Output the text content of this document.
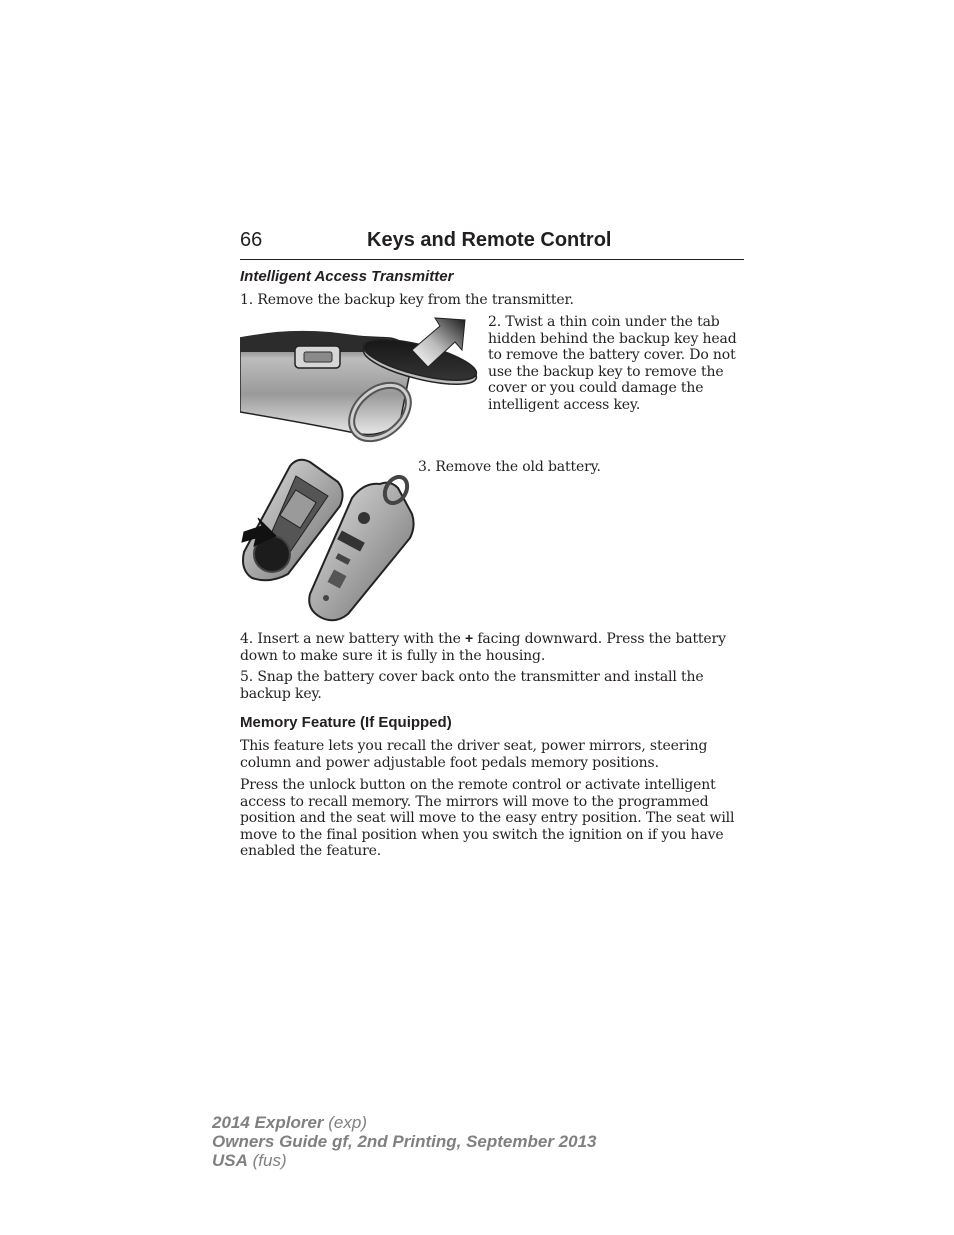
66	Keys and Remote Control
Intelligent Access Transmitter

1. Remove the backup key from the transmitter.

2. Twist a thin coin under the tab hidden behind the backup key head to remove the battery cover. Do not use the backup key to remove the cover or you could damage the intelligent access key.

3. Remove the old battery.

4. Insert a new battery with the + facing downward. Press the battery down to make sure it is fully in the housing.

5. Snap the battery cover back onto the transmitter and install the backup key.

Memory Feature (If Equipped)

This feature lets you recall the driver seat, power mirrors, steering column and power adjustable foot pedals memory positions.

Press the unlock button on the remote control or activate intelligent access to recall memory. The mirrors will move to the programmed position and the seat will move to the easy entry position. The seat will move to the final position when you switch the ignition on if you have enabled the feature.

2014 Explorer (exp)
Owners Guide gf, 2nd Printing, September 2013
USA (fus)
